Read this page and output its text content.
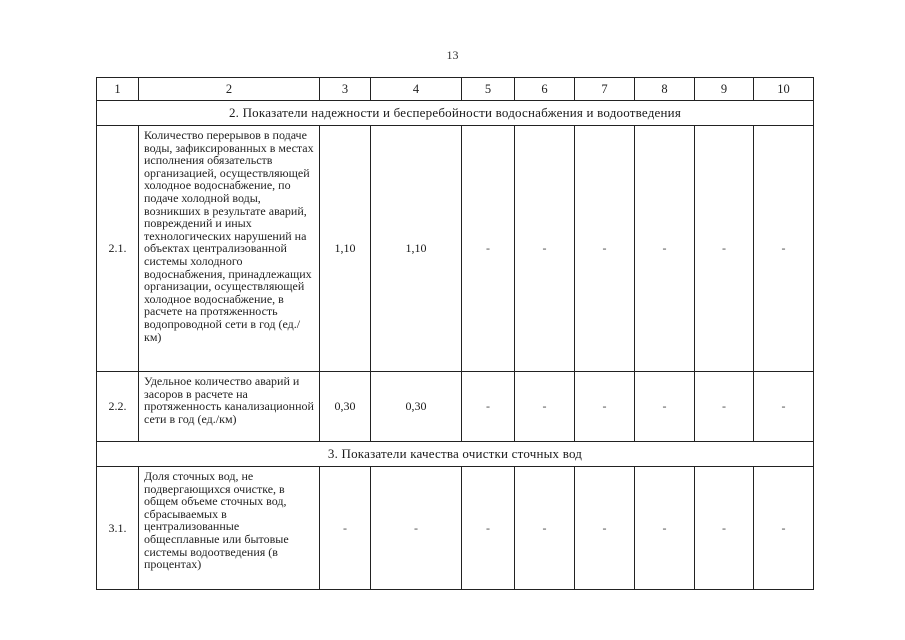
13
1	2	3	4	5	6	7	8	9	10
2. Показатели надежности и бесперебойности водоснабжения и водоотведения									
2.1.	Количество перерывов в подаче воды, зафиксированных в местах исполнения обязательств организацией, осуществляющей холодное водоснабжение, по подаче холодной воды, возникших в результате аварий, повреждений и иных технологических нарушений на объектах централизованной системы холодного водоснабжения, принадлежащих организации, осуществляющей холодное водоснабжение, в расчете на протяженность водопроводной сети в год (ед./км)	1,10	1,10	-	-	-	-	-	-
2.2.	Удельное количество аварий и засоров в расчете на протяженность канализационной сети в год (ед./км)	0,30	0,30	-	-	-	-	-	-
3. Показатели качества очистки сточных вод									
3.1.	Доля сточных вод, не подвергающихся очистке, в общем объеме сточных вод, сбрасываемых в централизованные общесплавные или бытовые системы водоотведения (в процентах)	-	-	-	-	-	-	-	-
